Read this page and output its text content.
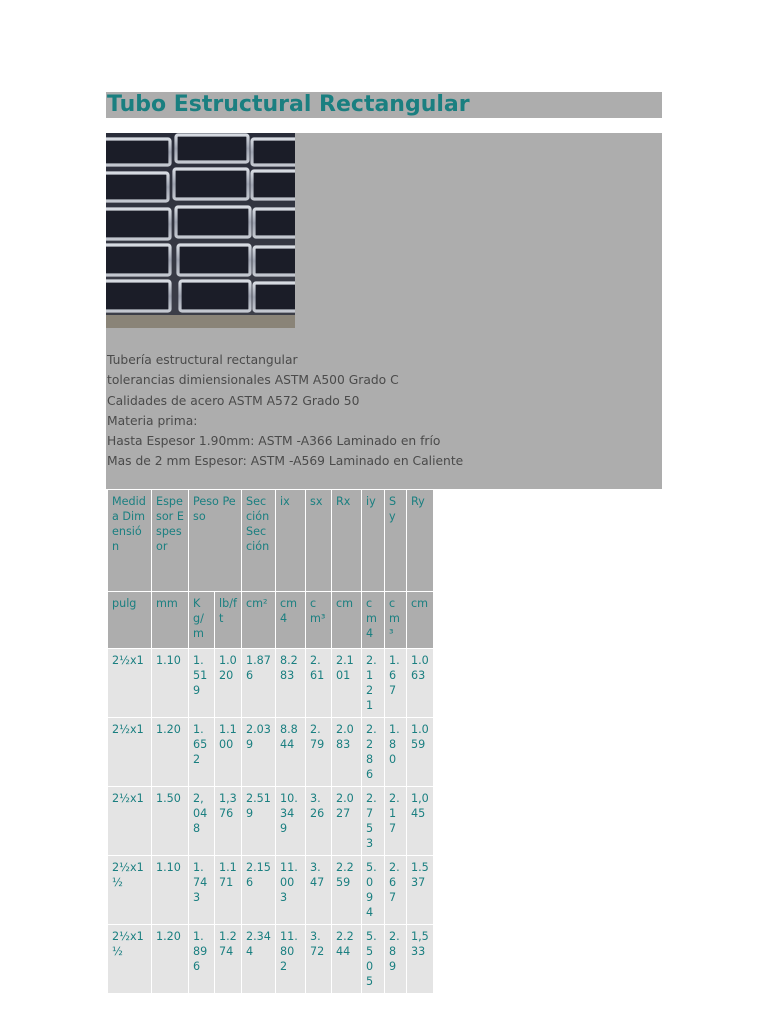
Tubo Estructural Rectangular
Tubería estructural rectangular
tolerancias dimiensionales ASTM A500 Grado C
Calidades de acero ASTM A572 Grado 50
Materia prima:
Hasta Espesor 1.90mm: ASTM -A366 Laminado en frío
Mas de 2 mm Espesor: ASTM -A569 Laminado en Caliente
Medida Dimensión	Espesor Espesor	Peso Peso		Sección Sección	ix	sx	Rx	iy	Sy	Ry
pulg	mm	Kg/m	lb/ft	cm²	cm4	cm³	cm	cm4	cm³	cm
2½x1	1.10	1.519	1.020	1.876	8.283	2.61	2.101	2.121	1.67	1.063
2½x1	1.20	1.652	1.100	2.039	8.844	2.79	2.083	2.286	1.80	1.059
2½x1	1.50	2,048	1,376	2.519	10.349	3.26	2.027	2.753	2.17	1,045
2½x1½	1.10	1.743	1.171	2.156	11.003	3.47	2.259	5.094	2.67	1.537
2½x1½	1.20	1.896	1.274	2.344	11.802	3.72	2.244	5.505	2.89	1,533
